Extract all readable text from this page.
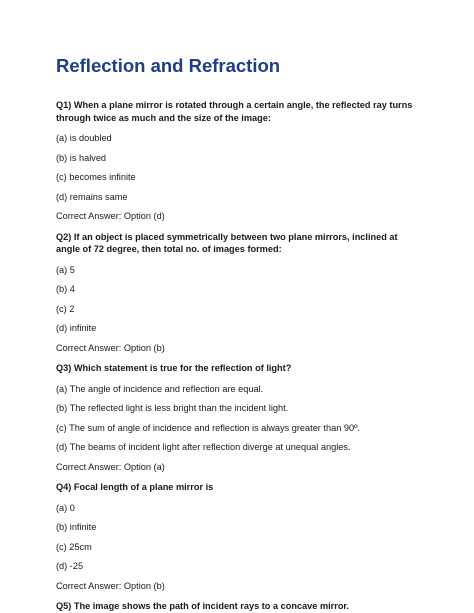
Reflection and Refraction

Q1) When a plane mirror is rotated through a certain angle, the reflected ray turns through twice as much and the size of the image:

(a) is doubled

(b) is halved

(c) becomes infinite

(d) remains same

Correct Answer: Option (d)

Q2) If an object is placed symmetrically between two plane mirrors, inclined at angle of 72 degree, then total no. of images formed:

(a) 5

(b) 4

(c) 2

(d) infinite

Correct Answer: Option (b)

Q3) Which statement is true for the reflection of light?

(a) The angle of incidence and reflection are equal.

(b) The reflected light is less bright than the incident light.

(c) The sum of angle of incidence and reflection is always greater than 90º.

(d) The beams of incident light after reflection diverge at unequal angles.

Correct Answer: Option (a)

Q4) Focal length of a plane mirror is

(a) 0

(b) infinite

(c) 25cm

(d) -25

Correct Answer: Option (b)

Q5) The image shows the path of incident rays to a concave mirror.
